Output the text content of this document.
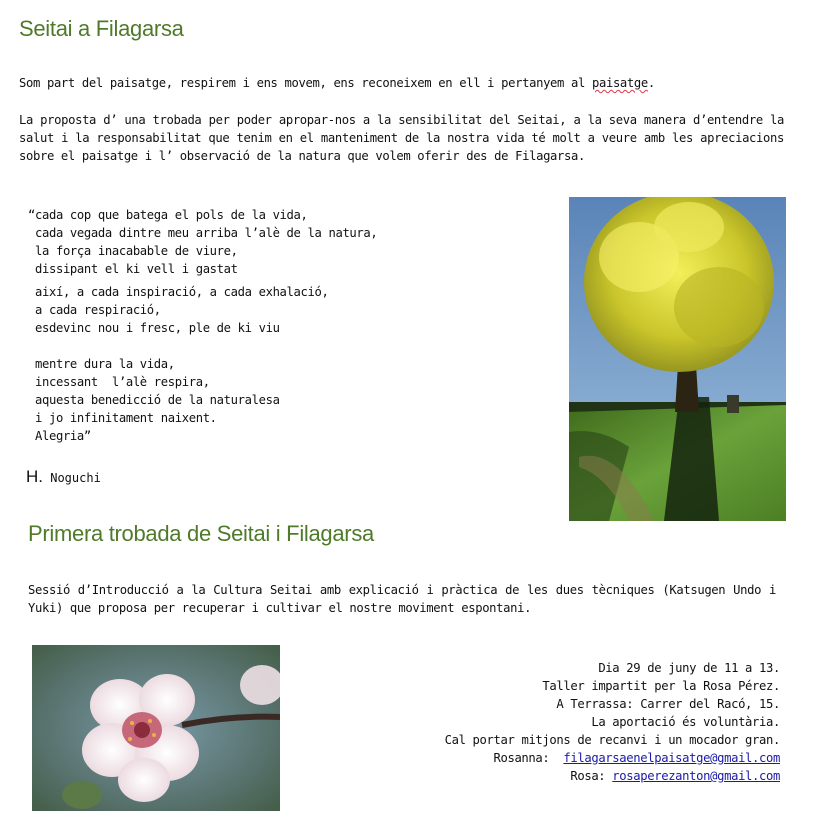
Seitai a Filagarsa

Som part del paisatge, respirem i ens movem, ens reconeixem en ell i pertanyem al paisatge.

La proposta d’ una trobada per poder apropar-nos a la sensibilitat del Seitai, a la seva manera d’entendre la salut i la responsabilitat que tenim en el manteniment de la nostra vida té molt a veure amb les apreciacions sobre el paisatge i l’ observació de la natura que volem oferir des de Filagarsa.

“cada cop que batega el pols de la vida,
cada vegada dintre meu arriba l’alè de la natura,
la força inacabable de viure,
dissipant el ki vell i gastat
així, a cada inspiració, a cada exhalació,
a cada respiració,
esdevinc nou i fresc, ple de ki viu
mentre dura la vida,
incessant  l’alè respira,
aquesta benedicció de la naturalesa
i jo infinitament naixent.
Alegria”
H. Noguchi
Primera trobada de Seitai i Filagarsa

Sessió d’Introducció a la Cultura Seitai amb explicació i pràctica de les dues tècniques (Katsugen Undo i Yuki) que proposa per recuperar i cultivar el nostre moviment espontani.

Dia 29 de juny de 11 a 13.
Taller impartit per la Rosa Pérez.
A Terrassa: Carrer del Racó, 15.
La aportació és voluntària.
Cal portar mitjons de recanvi i un mocador gran.
Rosanna:  filagarsaenelpaisatge@gmail.com
Rosa: rosaperezanton@gmail.com
